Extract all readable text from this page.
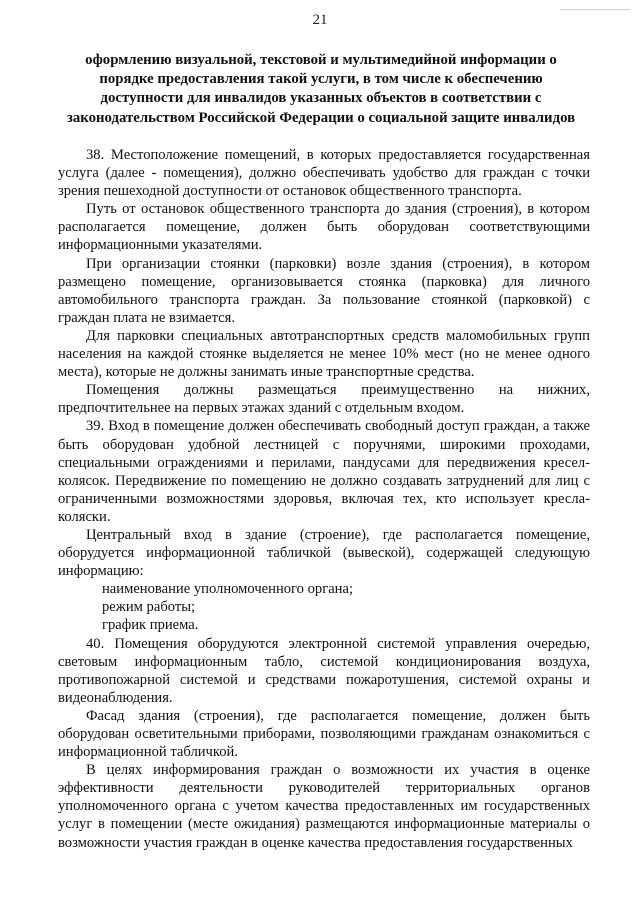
21
оформлению визуальной, текстовой и мультимедийной информации о
порядке предоставления такой услуги, в том числе к обеспечению
доступности для инвалидов указанных объектов в соответствии с
законодательством Российской Федерации о социальной защите инвалидов

38. Местоположение помещений, в которых предоставляется государственная услуга (далее - помещения), должно обеспечивать удобство для граждан с точки зрения пешеходной доступности от остановок общественного транспорта.

Путь от остановок общественного транспорта до здания (строения), в котором располагается помещение, должен быть оборудован соответствующими информационными указателями.

При организации стоянки (парковки) возле здания (строения), в котором размещено помещение, организовывается стоянка (парковка) для личного автомобильного транспорта граждан. За пользование стоянкой (парковкой) с граждан плата не взимается.

Для парковки специальных автотранспортных средств маломобильных групп населения на каждой стоянке выделяется не менее 10% мест (но не менее одного места), которые не должны занимать иные транспортные средства.

Помещения должны размещаться преимущественно на нижних, предпочтительнее на первых этажах зданий с отдельным входом.

39. Вход в помещение должен обеспечивать свободный доступ граждан, а также быть оборудован удобной лестницей с поручнями, широкими проходами, специальными ограждениями и перилами, пандусами для передвижения кресел-колясок. Передвижение по помещению не должно создавать затруднений для лиц с ограниченными возможностями здоровья, включая тех, кто использует кресла-коляски.

Центральный вход в здание (строение), где располагается помещение, оборудуется информационной табличкой (вывеской), содержащей следующую информацию:

наименование уполномоченного органа;

режим работы;

график приема.

40. Помещения оборудуются электронной системой управления очередью, световым информационным табло, системой кондиционирования воздуха, противопожарной системой и средствами пожаротушения, системой охраны и видеонаблюдения.

Фасад здания (строения), где располагается помещение, должен быть оборудован осветительными приборами, позволяющими гражданам ознакомиться с информационной табличкой.

В целях информирования граждан о возможности их участия в оценке эффективности деятельности руководителей территориальных органов уполномоченного органа с учетом качества предоставленных им государственных услуг в помещении (месте ожидания) размещаются информационные материалы о возможности участия граждан в оценке качества предоставления государственных
